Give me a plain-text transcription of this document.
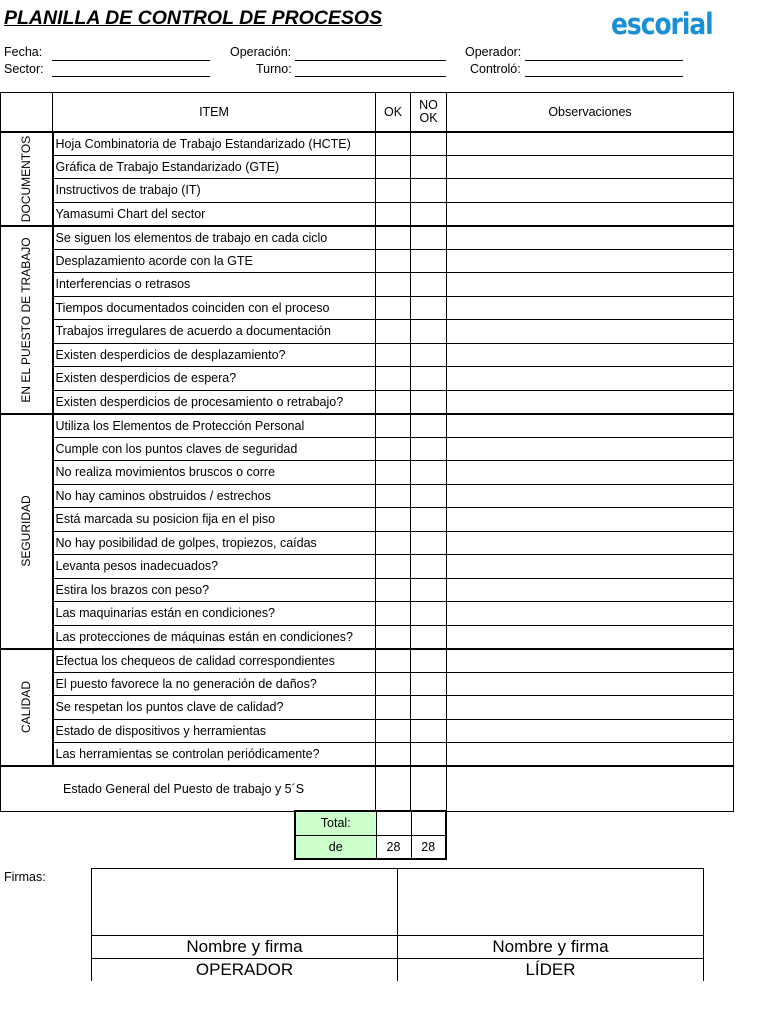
PLANILLA DE CONTROL DE PROCESOS	escorial
Fecha:
Sector:
Operación:
Turno:
Operador:
Controló:
	ITEM	OK	NO OK	Observaciones

DOCUMENTOS	Hoja Combinatoria de Trabajo Estandarizado (HCTE)			
	Gráfica de Trabajo Estandarizado (GTE)			
	Instructivos de trabajo (IT)			
	Yamasumi Chart del sector			

EN EL PUESTO DE TRABAJO	Se siguen los elementos de trabajo en cada ciclo			
	Desplazamiento acorde con la GTE			
	Interferencias o retrasos			
	Tiempos documentados coinciden con el proceso			
	Trabajos irregulares de acuerdo a documentación			
	Existen desperdicios de desplazamiento?			
	Existen desperdicios de espera?			
	Existen desperdicios de procesamiento o retrabajo?			

SEGURIDAD	Utiliza los Elementos de Protección Personal			
	Cumple con los puntos claves de seguridad			
	No realiza movimientos bruscos o corre			
	No hay caminos obstruidos / estrechos			
	Está marcada su posicion fija en el piso			
	No hay posibilidad de golpes, tropiezos, caídas			
	Levanta pesos inadecuados?			
	Estira los brazos con peso?			
	Las maquinarias están en condiciones?			
	Las protecciones de máquinas están en condiciones?			

CALIDAD	Efectua los chequeos de calidad correspondientes			
	El puesto favorece la no generación de daños?			
	Se respetan los puntos clave de calidad?			
	Estado de dispositivos y herramientas			
	Las herramientas se controlan periódicamente?			
Estado General del Puesto de trabajo y 5´S				
Total:		
de	28	28
Firmas:

Nombre y firma	Nombre y firma
OPERADOR	LÍDER
